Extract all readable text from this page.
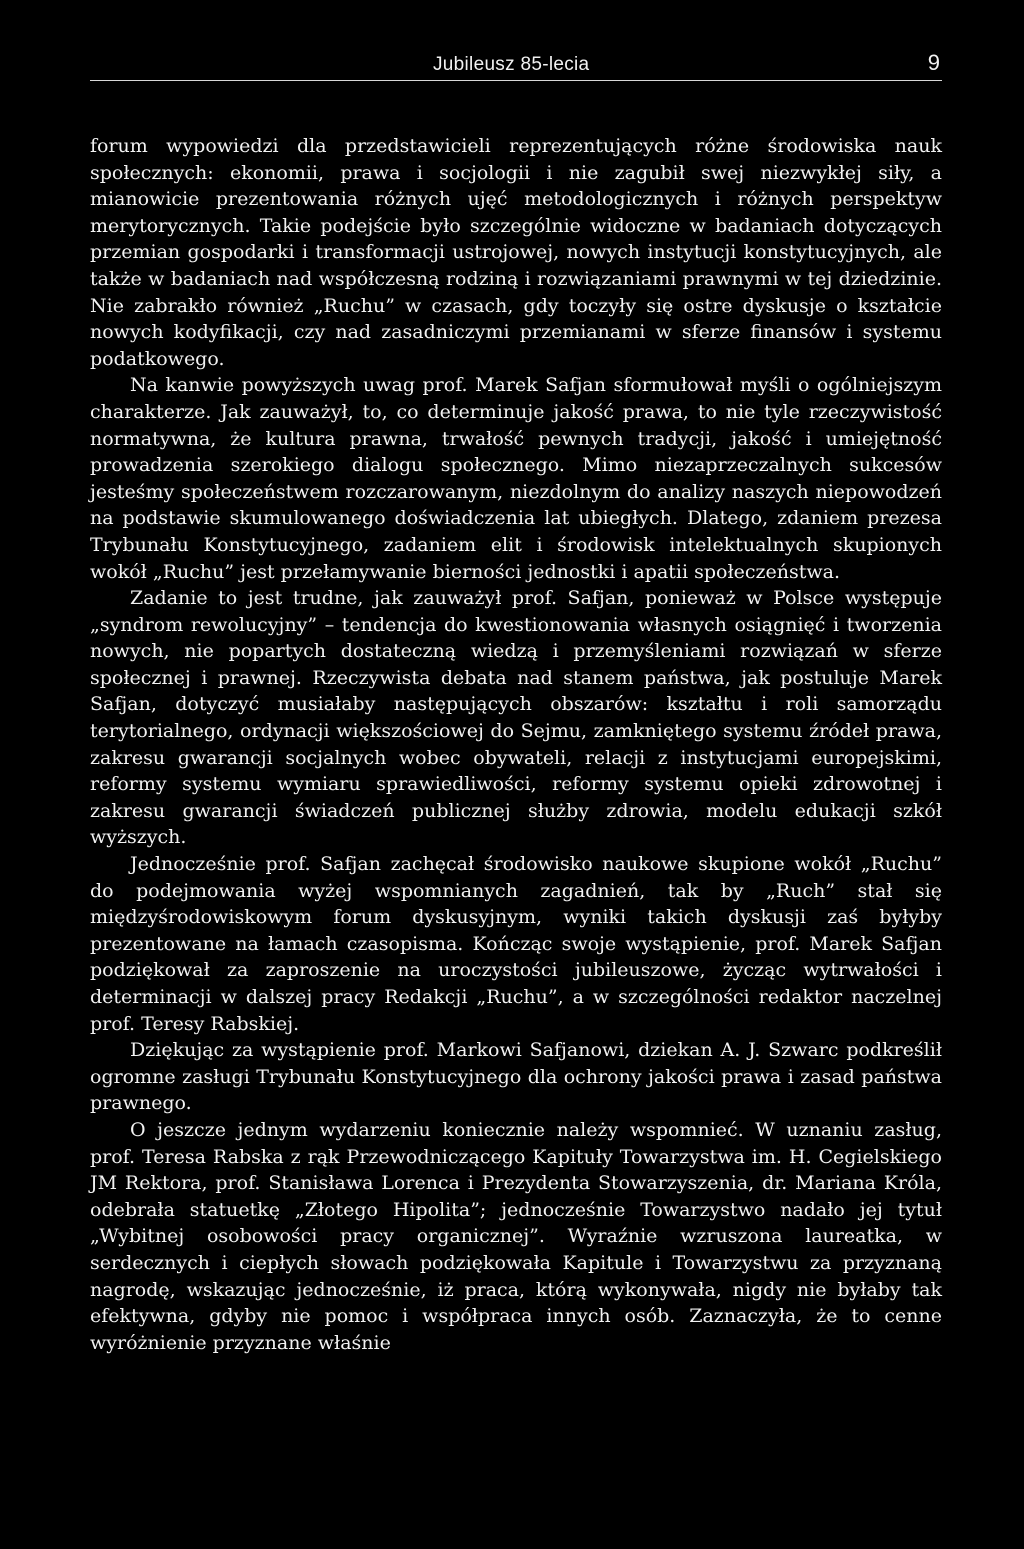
Jubileusz 85-lecia	9

forum wypowiedzi dla przedstawicieli reprezentujących różne środowiska nauk społecznych: ekonomii, prawa i socjologii i nie zagubił swej niezwykłej siły, a mianowicie prezentowania różnych ujęć metodologicznych i różnych perspektyw merytorycznych. Takie podejście było szczególnie widoczne w badaniach dotyczących przemian gospodarki i transformacji ustrojowej, nowych instytucji konstytucyjnych, ale także w badaniach nad współczesną rodziną i rozwiązaniami prawnymi w tej dziedzinie. Nie zabrakło również „Ruchu” w czasach, gdy toczyły się ostre dyskusje o kształcie nowych kodyfikacji, czy nad zasadniczymi przemianami w sferze finansów i systemu podatkowego.

Na kanwie powyższych uwag prof. Marek Safjan sformułował myśli o ogólniejszym charakterze. Jak zauważył, to, co determinuje jakość prawa, to nie tyle rzeczywistość normatywna, że kultura prawna, trwałość pewnych tradycji, jakość i umiejętność prowadzenia szerokiego dialogu społecznego. Mimo niezaprzeczalnych sukcesów jesteśmy społeczeństwem rozczarowanym, niezdolnym do analizy naszych niepowodzeń na podstawie skumulowanego doświadczenia lat ubiegłych. Dlatego, zdaniem prezesa Trybunału Konstytucyjnego, zadaniem elit i środowisk intelektualnych skupionych wokół „Ruchu” jest przełamywanie bierności jednostki i apatii społeczeństwa.

Zadanie to jest trudne, jak zauważył prof. Safjan, ponieważ w Polsce występuje „syndrom rewolucyjny” – tendencja do kwestionowania własnych osiągnięć i tworzenia nowych, nie popartych dostateczną wiedzą i przemyśleniami rozwiązań w sferze społecznej i prawnej. Rzeczywista debata nad stanem państwa, jak postuluje Marek Safjan, dotyczyć musiałaby następujących obszarów: kształtu i roli samorządu terytorialnego, ordynacji większościowej do Sejmu, zamkniętego systemu źródeł prawa, zakresu gwarancji socjalnych wobec obywateli, relacji z instytucjami europejskimi, reformy systemu wymiaru sprawiedliwości, reformy systemu opieki zdrowotnej i zakresu gwarancji świadczeń publicznej służby zdrowia, modelu edukacji szkół wyższych.

Jednocześnie prof. Safjan zachęcał środowisko naukowe skupione wokół „Ruchu” do podejmowania wyżej wspomnianych zagadnień, tak by „Ruch” stał się międzyśrodowiskowym forum dyskusyjnym, wyniki takich dyskusji zaś byłyby prezentowane na łamach czasopisma. Kończąc swoje wystąpienie, prof. Marek Safjan podziękował za zaproszenie na uroczystości jubileuszowe, życząc wytrwałości i determinacji w dalszej pracy Redakcji „Ruchu”, a w szczególności redaktor naczelnej prof. Teresy Rabskiej.

Dziękując za wystąpienie prof. Markowi Safjanowi, dziekan A. J. Szwarc podkreślił ogromne zasługi Trybunału Konstytucyjnego dla ochrony jakości prawa i zasad państwa prawnego.

O jeszcze jednym wydarzeniu koniecznie należy wspomnieć. W uznaniu zasług, prof. Teresa Rabska z rąk Przewodniczącego Kapituły Towarzystwa im. H. Cegielskiego JM Rektora, prof. Stanisława Lorenca i Prezydenta Stowarzyszenia, dr. Mariana Króla, odebrała statuetkę „Złotego Hipolita”; jednocześnie Towarzystwo nadało jej tytuł „Wybitnej osobowości pracy organicznej”. Wyraźnie wzruszona laureatka, w serdecznych i ciepłych słowach podziękowała Kapitule i Towarzystwu za przyznaną nagrodę, wskazując jednocześnie, iż praca, którą wykonywała, nigdy nie byłaby tak efektywna, gdyby nie pomoc i współpraca innych osób. Zaznaczyła, że to cenne wyróżnienie przyznane właśnie
